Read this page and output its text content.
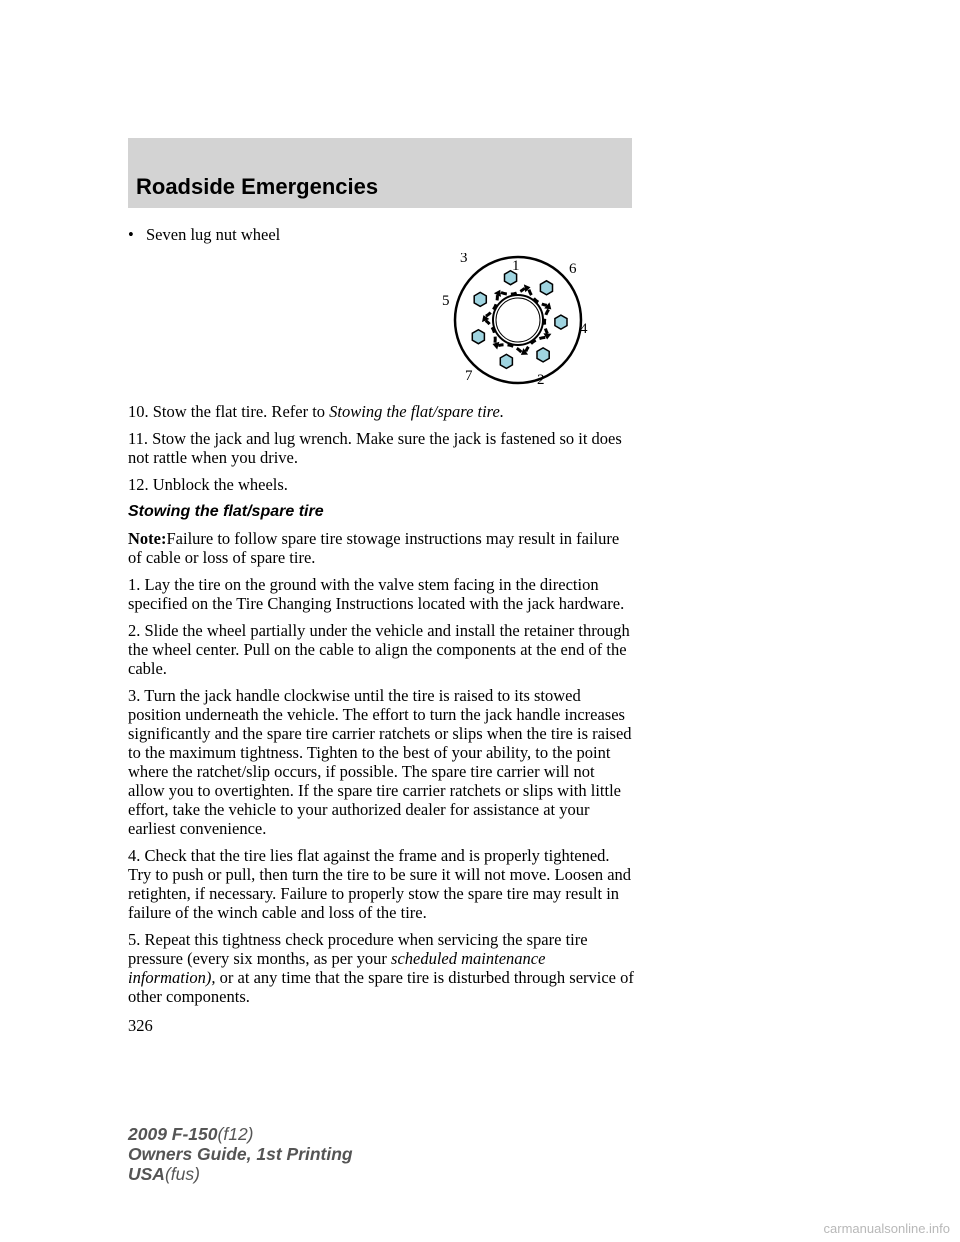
Roadside Emergencies
• Seven lug nut wheel
1
2
3
4
5
6
7

10. Stow the flat tire. Refer to Stowing the flat/spare tire.

11. Stow the jack and lug wrench. Make sure the jack is fastened so it does not rattle when you drive.

12. Unblock the wheels.

Stowing the flat/spare tire

Note:Failure to follow spare tire stowage instructions may result in failure of cable or loss of spare tire.

1. Lay the tire on the ground with the valve stem facing in the direction specified on the Tire Changing Instructions located with the jack hardware.

2. Slide the wheel partially under the vehicle and install the retainer through the wheel center. Pull on the cable to align the components at the end of the cable.

3. Turn the jack handle clockwise until the tire is raised to its stowed position underneath the vehicle. The effort to turn the jack handle increases significantly and the spare tire carrier ratchets or slips when the tire is raised to the maximum tightness. Tighten to the best of your ability, to the point where the ratchet/slip occurs, if possible. The spare tire carrier will not allow you to overtighten. If the spare tire carrier ratchets or slips with little effort, take the vehicle to your authorized dealer for assistance at your earliest convenience.

4. Check that the tire lies flat against the frame and is properly tightened. Try to push or pull, then turn the tire to be sure it will not move. Loosen and retighten, if necessary. Failure to properly stow the spare tire may result in failure of the winch cable and loss of the tire.

5. Repeat this tightness check procedure when servicing the spare tire pressure (every six months, as per your scheduled maintenance information), or at any time that the spare tire is disturbed through service of other components.

326
2009 F-150(f12)
Owners Guide, 1st Printing
USA(fus)
carmanualsonline.info
